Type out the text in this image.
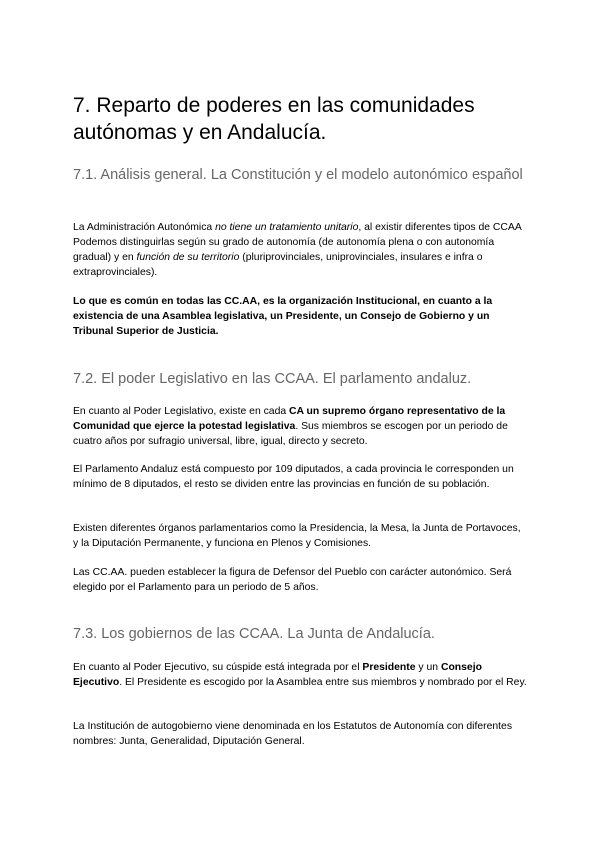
7. Reparto de poderes en las comunidades autónomas y en Andalucía.
7.1. Análisis general. La Constitución y el modelo autonómico español

La Administración Autonómica no tiene un tratamiento unitario, al existir diferentes tipos de CCAA Podemos distinguirlas según su grado de autonomía (de autonomía plena o con autonomía gradual) y en función de su territorio (pluriprovinciales, uniprovinciales, insulares e infra o extraprovinciales).

Lo que es común en todas las CC.AA, es la organización Institucional, en cuanto a la existencia de una Asamblea legislativa, un Presidente, un Consejo de Gobierno y un Tribunal Superior de Justicia.

7.2. El poder Legislativo en las CCAA. El parlamento andaluz.

En cuanto al Poder Legislativo, existe en cada CA un supremo órgano representativo de la Comunidad que ejerce la potestad legislativa. Sus miembros se escogen por un periodo de cuatro años por sufragio universal, libre, igual, directo y secreto.

El Parlamento Andaluz está compuesto por 109 diputados, a cada provincia le corresponden un mínimo de 8 diputados, el resto se dividen entre las provincias en función de su población.

Existen diferentes órganos parlamentarios como la Presidencia, la Mesa, la Junta de Portavoces, y la Diputación Permanente, y funciona en Plenos y Comisiones.

Las CC.AA. pueden establecer la figura de Defensor del Pueblo con carácter autonómico. Será elegido por el Parlamento para un periodo de 5 años.

7.3. Los gobiernos de las CCAA. La Junta de Andalucía.

En cuanto al Poder Ejecutivo, su cúspide está integrada por el Presidente y un Consejo Ejecutivo. El Presidente es escogido por la Asamblea entre sus miembros y nombrado por el Rey.

La Institución de autogobierno viene denominada en los Estatutos de Autonomía con diferentes nombres: Junta, Generalidad, Diputación General.
